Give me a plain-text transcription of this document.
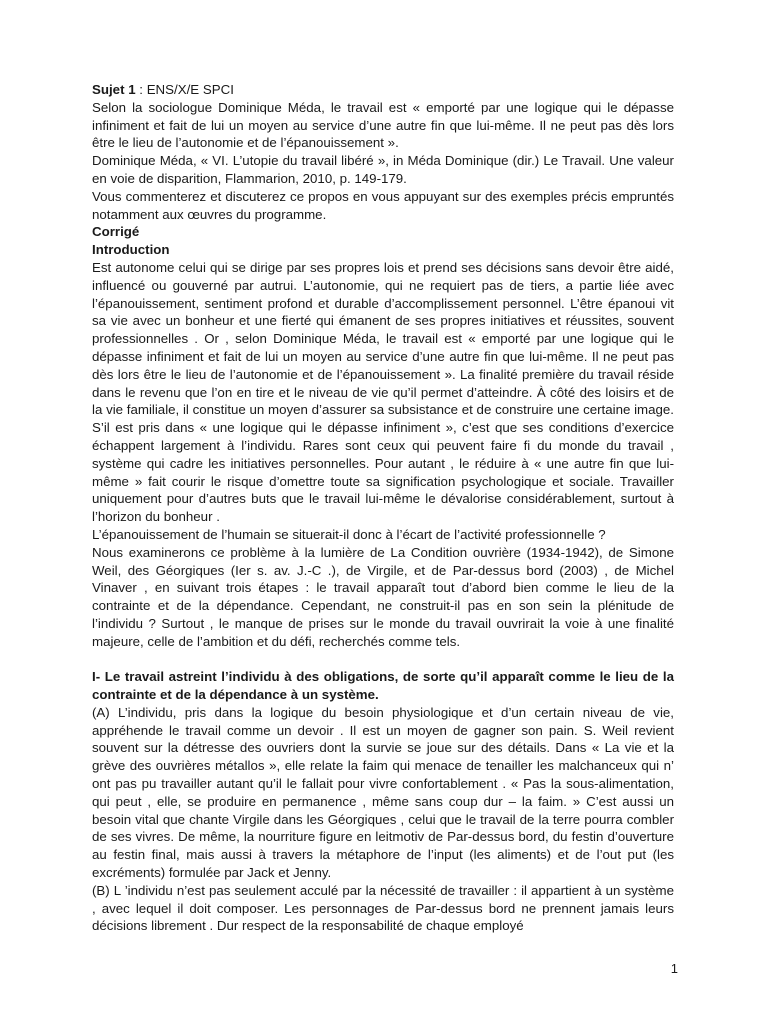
Sujet 1 : ENS/X/E SPCI

Selon la sociologue Dominique Méda, le travail est « emporté par une logique qui le dépasse infiniment et fait de lui un moyen au service d’une autre fin que lui-même. Il ne peut pas dès lors être le lieu de l’autonomie et de l’épanouissement ».

Dominique Méda, « VI. L’utopie du travail libéré », in Méda Dominique (dir.) Le Travail. Une valeur en voie de disparition, Flammarion, 2010, p. 149-179.

Vous commenterez et discuterez ce propos en vous appuyant sur des exemples précis empruntés notamment aux œuvres du programme.

Corrigé

Introduction

Est autonome celui qui se dirige par ses propres lois et prend ses décisions sans devoir être aidé, influencé ou gouverné par autrui. L’autonomie, qui ne requiert pas de tiers, a partie liée avec l’épanouissement, sentiment profond et durable d’accomplissement personnel. L’être épanoui vit sa vie avec un bonheur et une fierté qui émanent de ses propres initiatives et réussites, souvent professionnelles . Or , selon Dominique Méda, le travail est « emporté par une logique qui le dépasse infiniment et fait de lui un moyen au service d’une autre fin que lui-même. Il ne peut pas dès lors être le lieu de l’autonomie et de l’épanouissement ». La finalité première du travail réside dans le revenu que l’on en tire et le niveau de vie qu’il permet d’atteindre. À côté des loisirs et de la vie familiale, il constitue un moyen d’assurer sa subsistance et de construire une certaine image. S’il est pris dans « une logique qui le dépasse infiniment », c’est que ses conditions d’exercice échappent largement à l’individu. Rares sont ceux qui peuvent faire fi du monde du travail , système qui cadre les initiatives personnelles. Pour autant , le réduire à « une autre fin que lui-même » fait courir le risque d’omettre toute sa signification psychologique et sociale. Travailler uniquement pour d’autres buts que le travail lui-même le dévalorise considérablement, surtout à l’horizon du bonheur .

L’épanouissement de l’humain se situerait-il donc à l’écart de l’activité professionnelle ?

Nous examinerons ce problème à la lumière de La Condition ouvrière (1934-1942), de Simone Weil, des Géorgiques (Ier s. av. J.-C .), de Virgile, et de Par-dessus bord (2003) , de Michel Vinaver , en suivant trois étapes : le travail apparaît tout d’abord bien comme le lieu de la contrainte et de la dépendance. Cependant, ne construit-il pas en son sein la plénitude de l’individu ? Surtout , le manque de prises sur le monde du travail ouvrirait la voie à une finalité majeure, celle de l’ambition et du défi, recherchés comme tels.

I- Le travail astreint l’individu à des obligations, de sorte qu’il apparaît comme le lieu de la contrainte et de la dépendance à un système.

(A) L’individu, pris dans la logique du besoin physiologique et d’un certain niveau de vie, appréhende le travail comme un devoir . Il est un moyen de gagner son pain. S. Weil revient souvent sur la détresse des ouvriers dont la survie se joue sur des détails. Dans « La vie et la grève des ouvrières métallos », elle relate la faim qui menace de tenailler les malchanceux qui n’ ont pas pu travailler autant qu’il le fallait pour vivre confortablement . « Pas la sous-alimentation, qui peut , elle, se produire en permanence , même sans coup dur – la faim. » C’est aussi un besoin vital que chante Virgile dans les Géorgiques , celui que le travail de la terre pourra combler de ses vivres. De même, la nourriture figure en leitmotiv de Par-dessus bord, du festin d’ouverture au festin final, mais aussi à travers la métaphore de l’input (les aliments) et de l’out put (les excréments) formulée par Jack et Jenny.

(B) L ’individu n’est pas seulement acculé par la nécessité de travailler : il appartient à un système , avec lequel il doit composer. Les personnages de Par-dessus bord ne prennent jamais leurs décisions librement . Dur respect de la responsabilité de chaque employé

1
